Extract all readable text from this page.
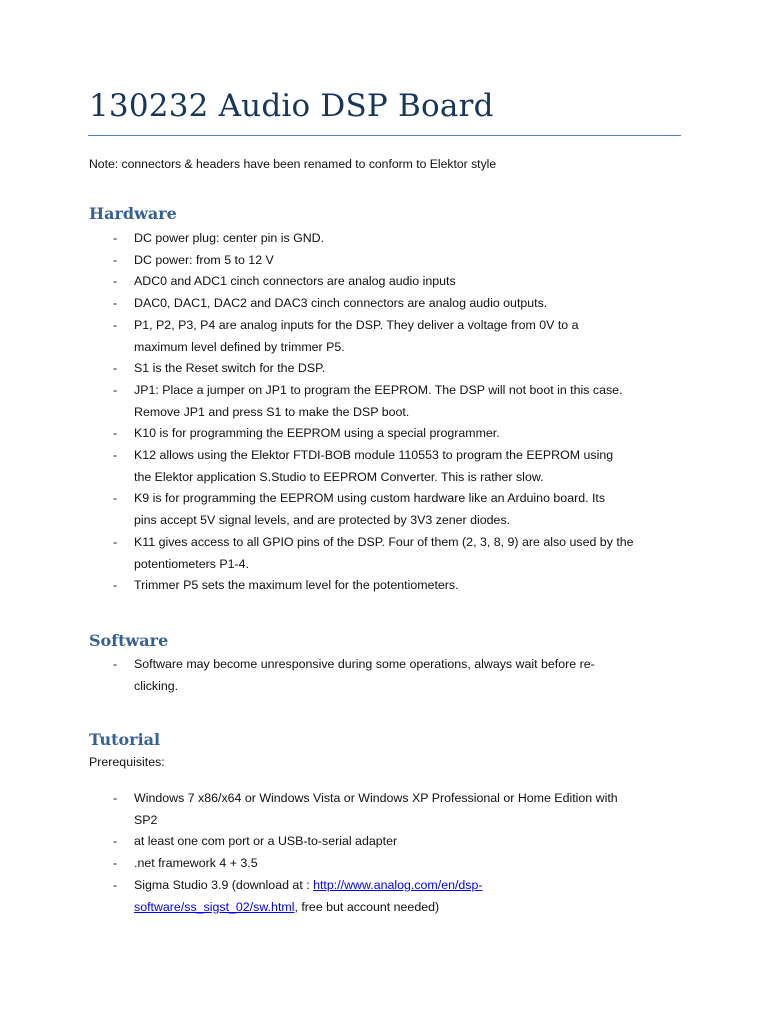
130232 Audio DSP Board

Note: connectors & headers have been renamed to conform to Elektor style

Hardware
- DC power plug: center pin is GND.
- DC power: from 5 to 12 V
- ADC0 and ADC1 cinch connectors are analog audio inputs
- DAC0, DAC1, DAC2 and DAC3 cinch connectors are analog audio outputs.
- P1, P2, P3, P4 are analog inputs for the DSP. They deliver a voltage from 0V to a
maximum level defined by trimmer P5.
- S1 is the Reset switch for the DSP.
- JP1: Place a jumper on JP1 to program the EEPROM. The DSP will not boot in this case.
Remove JP1 and press S1 to make the DSP boot.
- K10 is for programming the EEPROM using a special programmer.
- K12 allows using the Elektor FTDI-BOB module 110553 to program the EEPROM using
the Elektor application S.Studio to EEPROM Converter. This is rather slow.
- K9 is for programming the EEPROM using custom hardware like an Arduino board. Its
pins accept 5V signal levels, and are protected by 3V3 zener diodes.
- K11 gives access to all GPIO pins of the DSP. Four of them (2, 3, 8, 9) are also used by the
potentiometers P1-4.
- Trimmer P5 sets the maximum level for the potentiometers.
Software
- Software may become unresponsive during some operations, always wait before re-
clicking.
Tutorial

Prerequisites:

- Windows 7 x86/x64 or Windows Vista or Windows XP Professional or Home Edition with
SP2
- at least one com port or a USB-to-serial adapter
- .net framework 4 + 3.5
- Sigma Studio 3.9 (download at : http://www.analog.com/en/dsp-
software/ss_sigst_02/sw.html, free but account needed)
